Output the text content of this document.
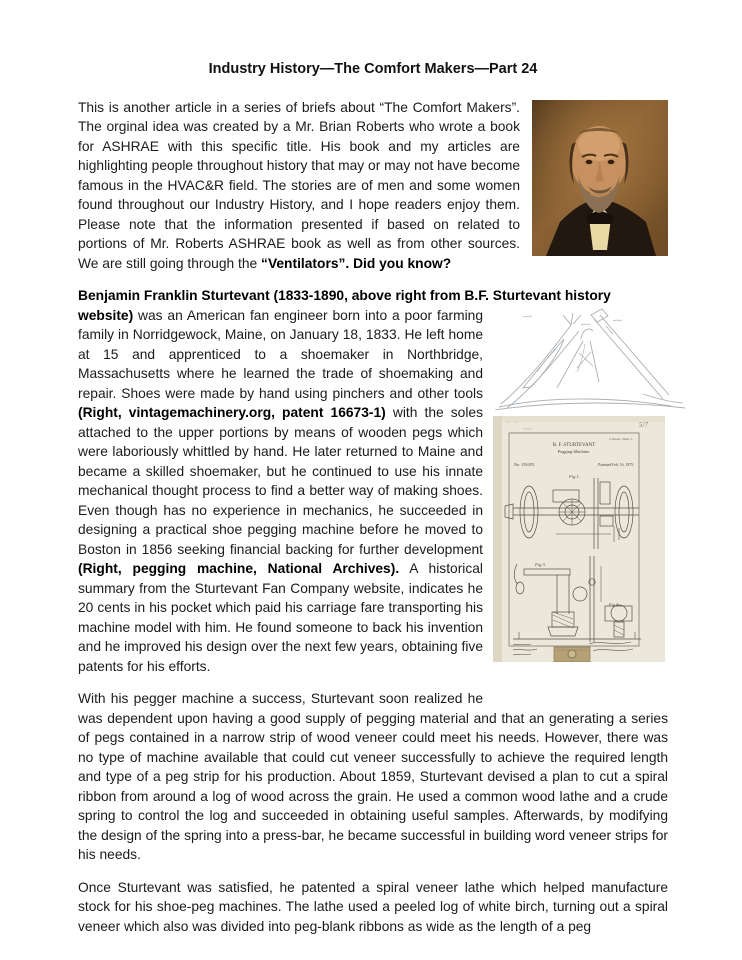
Industry History—The Comfort Makers—Part 24
This is another article in a series of briefs about “The Comfort Makers”. The orginal idea was created by a Mr. Brian Roberts who wrote a book for ASHRAE with this specific title. His book and my articles are highlighting people throughout history that may or may not have become famous in the HVAC&R field. The stories are of men and some women found throughout our Industry History, and I hope readers enjoy them. Please note that the information presented if based on related to portions of Mr. Roberts ASHRAE book as well as from other sources. We are still going through the “Ventilators”. Did you know?
Benjamin Franklin Sturtevant (1833-1890, above right from B.F. Sturtevant history
~ ··· ~	5/7
≈≈≈≈
B. F. STURTEVANT
Pegging-Machine.
2 Sheets, Sheet 1.
No. 159,851	Patented Feb. 16, 1875.
Fig 1.
Fig 3.
Fig 4.
· ···
website) was an American fan engineer born into a poor farming family in Norridgewock, Maine, on January 18, 1833. He left home at 15 and apprenticed to a shoemaker in Northbridge, Massachusetts where he learned the trade of shoemaking and repair. Shoes were made by hand using pinchers and other tools (Right, vintagemachinery.org, patent 16673-1) with the soles attached to the upper portions by means of wooden pegs which were laboriously whittled by hand. He later returned to Maine and became a skilled shoemaker, but he continued to use his innate mechanical thought process to find a better way of making shoes. Even though has no experience in mechanics, he succeeded in designing a practical shoe pegging machine before he moved to Boston in 1856 seeking financial backing for further development (Right, pegging machine, National Archives). A historical summary from the Sturtevant Fan Company website, indicates he 20 cents in his pocket which paid his carriage fare transporting his machine model with him. He found someone to back his invention and he improved his design over the next few years, obtaining five patents for his efforts.
With his pegger machine a success, Sturtevant soon realized he was dependent upon having a good supply of pegging material and that an generating a series of pegs contained in a narrow strip of wood veneer could meet his needs. However, there was no type of machine available that could cut veneer successfully to achieve the required length and type of a peg strip for his production. About 1859, Sturtevant devised a plan to cut a spiral ribbon from around a log of wood across the grain. He used a common wood lathe and a crude spring to control the log and succeeded in obtaining useful samples. Afterwards, by modifying the design of the spring into a press-bar, he became successful in building word veneer strips for his needs.
Once Sturtevant was satisfied, he patented a spiral veneer lathe which helped manufacture stock for his shoe-peg machines. The lathe used a peeled log of white birch, turning out a spiral veneer which also was divided into peg-blank ribbons as wide as the length of a peg
